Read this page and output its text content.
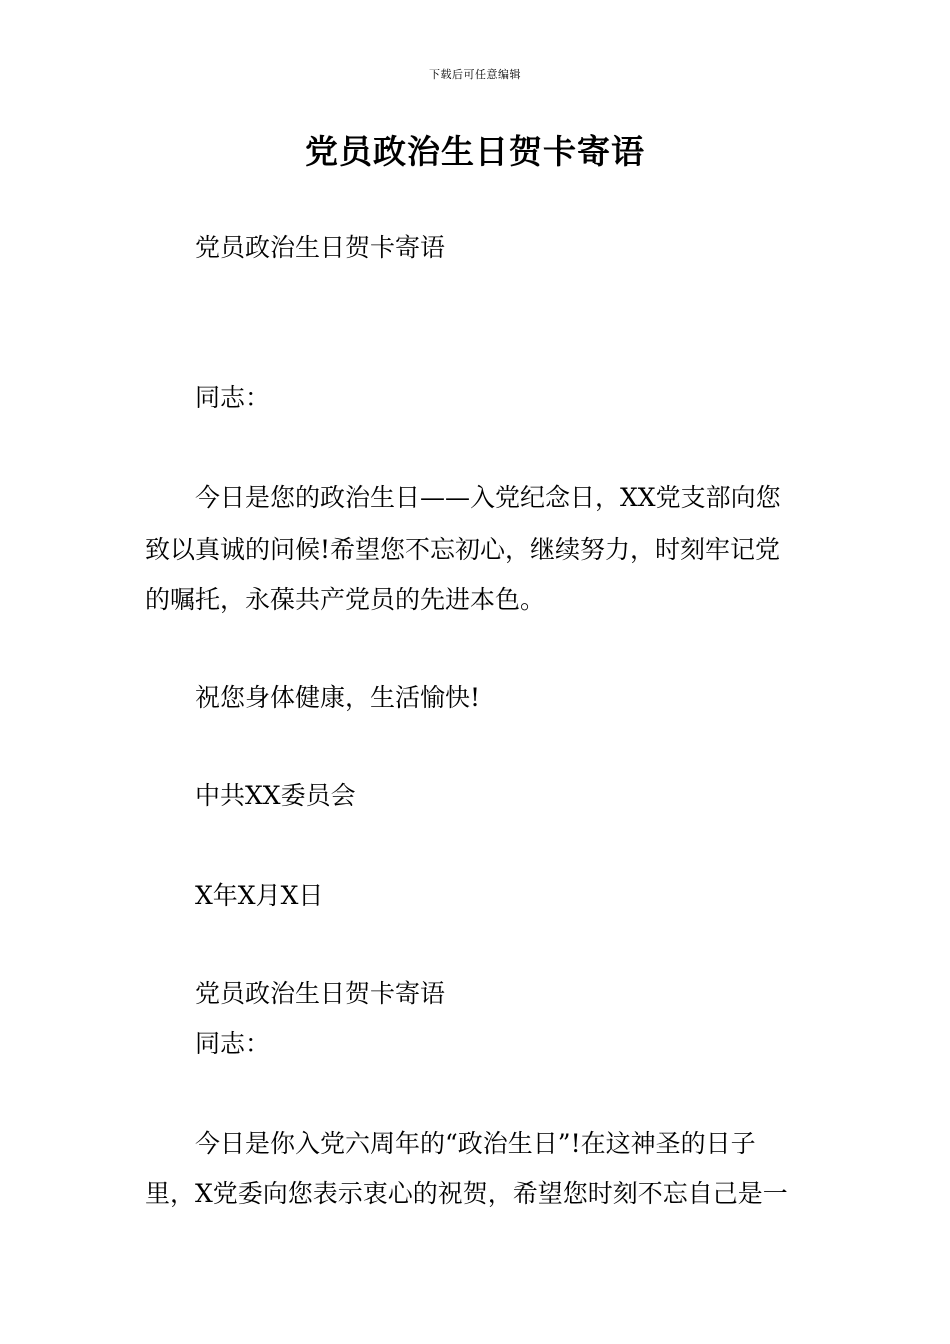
下载后可任意编辑
党员政治生日贺卡寄语
党员政治生日贺卡寄语
同志：
今日是您的政治生日——入党纪念日，XX党支部向您
致以真诚的问候!希望您不忘初心，继续努力，时刻牢记党
的嘱托，永葆共产党员的先进本色。
祝您身体健康，生活愉快!
中共XX委员会
X年X月X日
党员政治生日贺卡寄语
同志：
今日是你入党六周年的“政治生日”!在这神圣的日子
里，X党委向您表示衷心的祝贺，希望您时刻不忘自己是一
